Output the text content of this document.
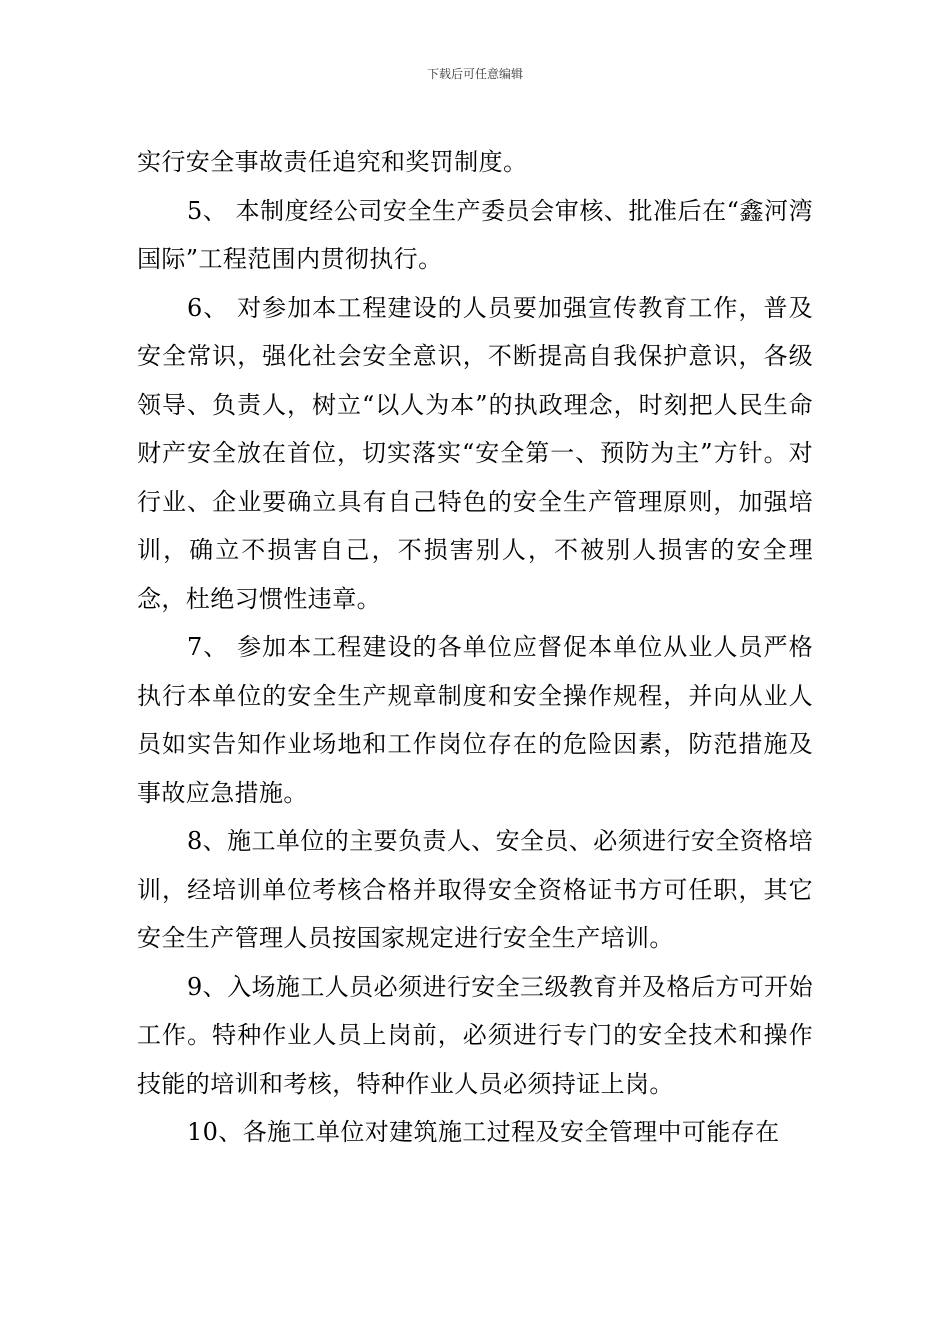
下载后可任意编辑

实行安全事故责任追究和奖罚制度。

5、 本制度经公司安全生产委员会审核、批准后在“鑫河湾国际”工程范围内贯彻执行。

6、 对参加本工程建设的人员要加强宣传教育工作，普及安全常识，强化社会安全意识，不断提高自我保护意识，各级领导、负责人，树立“以人为本”的执政理念，时刻把人民生命财产安全放在首位，切实落实“安全第一、预防为主”方针。对行业、企业要确立具有自己特色的安全生产管理原则，加强培训，确立不损害自己，不损害别人，不被别人损害的安全理念，杜绝习惯性违章。

7、 参加本工程建设的各单位应督促本单位从业人员严格执行本单位的安全生产规章制度和安全操作规程，并向从业人员如实告知作业场地和工作岗位存在的危险因素，防范措施及事故应急措施。

8、施工单位的主要负责人、安全员、必须进行安全资格培训，经培训单位考核合格并取得安全资格证书方可任职，其它安全生产管理人员按国家规定进行安全生产培训。

9、入场施工人员必须进行安全三级教育并及格后方可开始工作。特种作业人员上岗前，必须进行专门的安全技术和操作技能的培训和考核，特种作业人员必须持证上岗。

10、各施工单位对建筑施工过程及安全管理中可能存在
